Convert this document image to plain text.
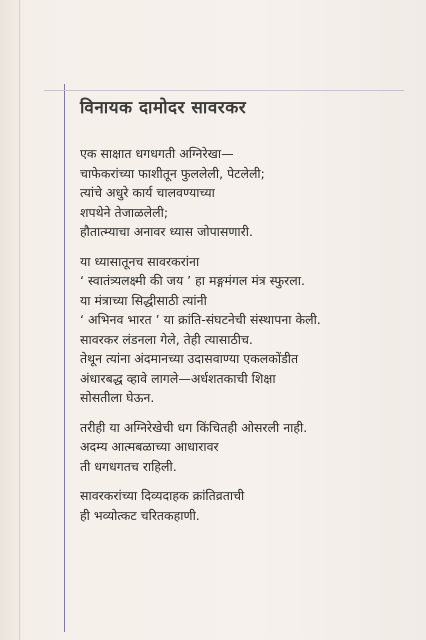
विनायक दामोदर सावरकर
एक साक्षात धगधगती अग्निरेखा—
चाफेकरांच्या फाशीतून फुललेली, पेटलेली;
त्यांचे अधुरे कार्य चालवण्याच्या
शपथेने तेजाळलेली;
हौतात्म्याचा अनावर ध्यास जोपासणारी.
या ध्यासातूनच सावरकरांना
‘ स्वातंत्र्यलक्ष्मी की जय ’ हा मङ्गमंगल मंत्र स्फुरला.
या मंत्राच्या सिद्धीसाठी त्यांनी
‘ अभिनव भारत ’ या क्रांति-संघटनेची संस्थापना केली.
सावरकर लंडनला गेले, तेही त्यासाठीच.
तेथून त्यांना अंदमानच्या उदासवाण्या एकलकोंडीत
अंधारबद्ध व्हावे लागले—अर्धशतकाची शिक्षा
सोसतीला घेऊन.
तरीही या अग्निरेखेची धग किंचितही ओसरली नाही.
अदम्य आत्मबळाच्या आधारावर
ती धगधगतच राहिली.
सावरकरांच्या दिव्यदाहक क्रांतिव्रताची
ही भव्योत्कट चरितकहाणी.
